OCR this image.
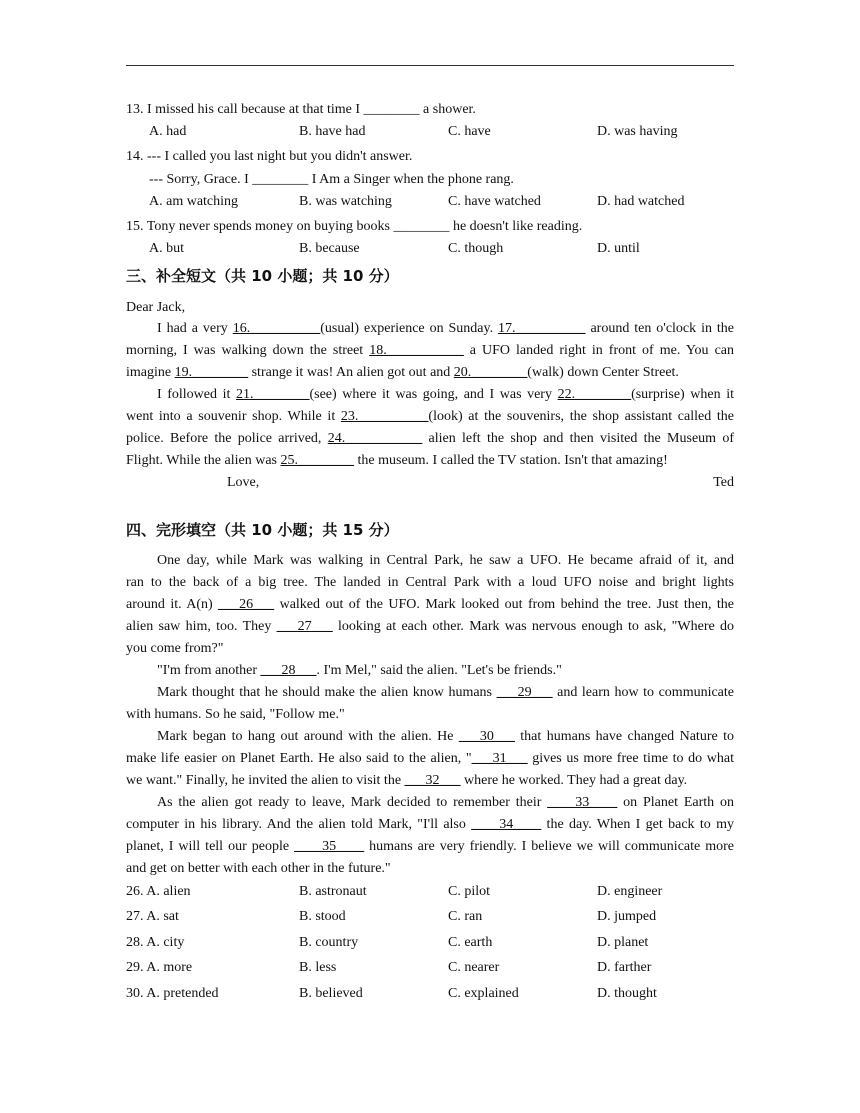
13. I missed his call because at that time I ________ a shower.
A. had	B. have had	C. have	D. was having
14. --- I called you last night but you didn't answer.
--- Sorry, Grace. I ________ I Am a Singer when the phone rang.
A. am watching	B. was watching	C. have watched	D. had watched
15. Tony never spends money on buying books ________ he doesn't like reading.
A. but	B. because	C. though	D. until
三、补全短文（共 10 小题；共 10 分）
Dear Jack,
I had a very 16.__________(usual) experience on Sunday. 17.__________ around ten o'clock in the
morning, I was walking down the street 18.___________ a UFO landed right in front of me. You can
imagine 19.________ strange it was! An alien got out and 20.________(walk) down Center Street.
I followed it 21.________(see) where it was going, and I was very 22.________(surprise) when it
went into a souvenir shop. While it 23.__________(look) at the souvenirs, the shop assistant called the
police. Before the police arrived, 24.___________ alien left the shop and then visited the Museum of
Flight. While the alien was 25.________ the museum. I called the TV station. Isn't that amazing!
Love,	Ted
四、完形填空（共 10 小题；共 15 分）
One day, while Mark was walking in Central Park, he saw a UFO. He became afraid of it, and
ran to the back of a big tree. The landed in Central Park with a loud UFO noise and bright lights
around it. A(n) ___26___ walked out of the UFO. Mark looked out from behind the tree. Just then, the
alien saw him, too. They ___27___ looking at each other. Mark was nervous enough to ask, "Where do
you come from?"
"I'm from another ___28___. I'm Mel," said the alien. "Let's be friends."
Mark thought that he should make the alien know humans ___29___ and learn how to communicate
with humans. So he said, "Follow me."
Mark began to hang out around with the alien. He ___30___ that humans have changed Nature to
make life easier on Planet Earth. He also said to the alien, "___31___ gives us more free time to do what
we want." Finally, he invited the alien to visit the ___32___ where he worked. They had a great day.
As the alien got ready to leave, Mark decided to remember their ____33____ on Planet Earth on
computer in his library. And the alien told Mark, "I'll also ____34____ the day. When I get back to my
planet, I will tell our people ____35____ humans are very friendly. I believe we will communicate more
and get on better with each other in the future."
26. A. alien	B. astronaut	C. pilot	D. engineer
27. A. sat	B. stood	C. ran	D. jumped
28. A. city	B. country	C. earth	D. planet
29. A. more	B. less	C. nearer	D. farther
30. A. pretended	B. believed	C. explained	D. thought
